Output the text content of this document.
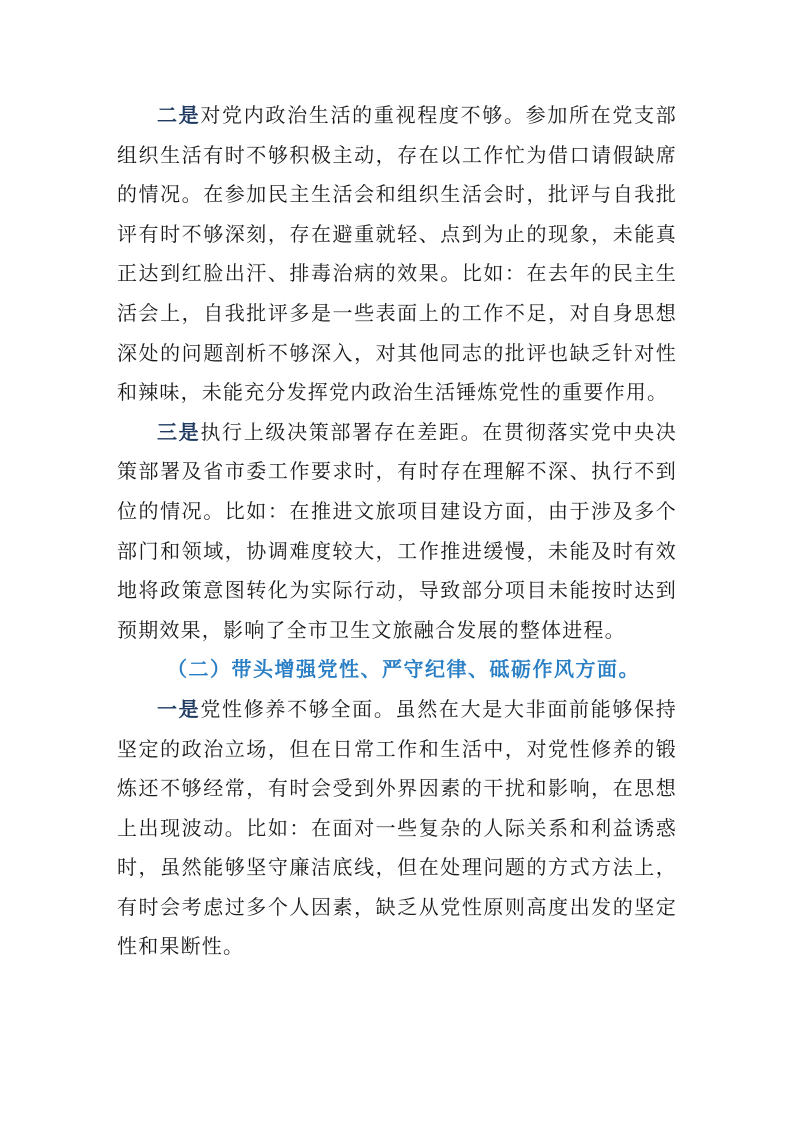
二是对党内政治生活的重视程度不够。参加所在党支部组织生活有时不够积极主动，存在以工作忙为借口请假缺席的情况。在参加民主生活会和组织生活会时，批评与自我批评有时不够深刻，存在避重就轻、点到为止的现象，未能真正达到红脸出汗、排毒治病的效果。比如：在去年的民主生活会上，自我批评多是一些表面上的工作不足，对自身思想深处的问题剖析不够深入，对其他同志的批评也缺乏针对性和辣味，未能充分发挥党内政治生活锤炼党性的重要作用。

三是执行上级决策部署存在差距。在贯彻落实党中央决策部署及省市委工作要求时，有时存在理解不深、执行不到位的情况。比如：在推进文旅项目建设方面，由于涉及多个部门和领域，协调难度较大，工作推进缓慢，未能及时有效地将政策意图转化为实际行动，导致部分项目未能按时达到预期效果，影响了全市卫生文旅融合发展的整体进程。

（二）带头增强党性、严守纪律、砥砺作风方面。

一是党性修养不够全面。虽然在大是大非面前能够保持坚定的政治立场，但在日常工作和生活中，对党性修养的锻炼还不够经常，有时会受到外界因素的干扰和影响，在思想上出现波动。比如：在面对一些复杂的人际关系和利益诱惑时，虽然能够坚守廉洁底线，但在处理问题的方式方法上，有时会考虑过多个人因素，缺乏从党性原则高度出发的坚定性和果断性。
